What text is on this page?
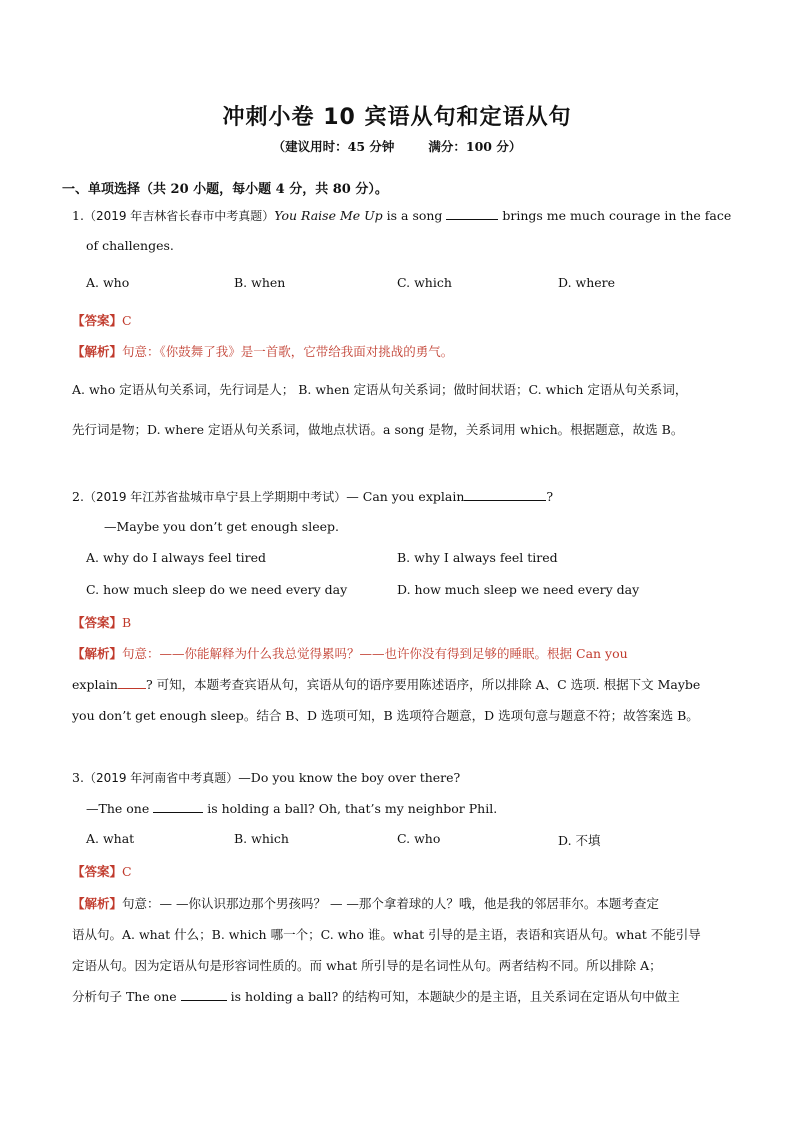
冲刺小卷 10 宾语从句和定语从句
（建议用时：45 分钟	满分：100 分）
一、单项选择（共 20 小题，每小题 4 分，共 80 分）。
1.（2019 年吉林省长春市中考真题）You Raise Me Up is a song	brings me much courage in the face
of challenges.
A. who	B. when	C. which	D. where
【答案】C
【解析】句意：《你鼓舞了我》是一首歌，它带给我面对挑战的勇气。
A. who 定语从句关系词，先行词是人； B. when 定语从句关系词；做时间状语；C. which 定语从句关系词，
先行词是物；D. where 定语从句关系词，做地点状语。a song 是物，关系词用 which。根据题意，故选 B。
2.（2019 年江苏省盐城市阜宁县上学期期中考试）— Can you explain	?
—Maybe you don’t get enough sleep.
A. why do I always feel tired	B. why I always feel tired
C. how much sleep do we need every day	D. how much sleep we need every day
【答案】B
【解析】句意：——你能解释为什么我总觉得累吗？——也许你没有得到足够的睡眠。根据 Can you
explain ? 可知，本题考查宾语从句，宾语从句的语序要用陈述语序，所以排除 A、C 选项. 根据下文 Maybe
you don’t get enough sleep。结合 B、D 选项可知，B 选项符合题意，D 选项句意与题意不符；故答案选 B。
3.（2019 年河南省中考真题）—Do you know the boy over there?
—The one	is holding a ball? Oh, that’s my neighbor Phil.
A. what	B. which	C. who	D. 不填
【答案】C
【解析】句意：— —你认识那边那个男孩吗？ — —那个拿着球的人？哦，他是我的邻居菲尔。本题考查定
语从句。A. what 什么；B. which 哪一个；C. who 谁。what 引导的是主语，表语和宾语从句。what 不能引导
定语从句。因为定语从句是形容词性质的。而 what 所引导的是名词性从句。两者结构不同。所以排除 A；
分析句子 The one	is holding a ball? 的结构可知，本题缺少的是主语，且关系词在定语从句中做主
